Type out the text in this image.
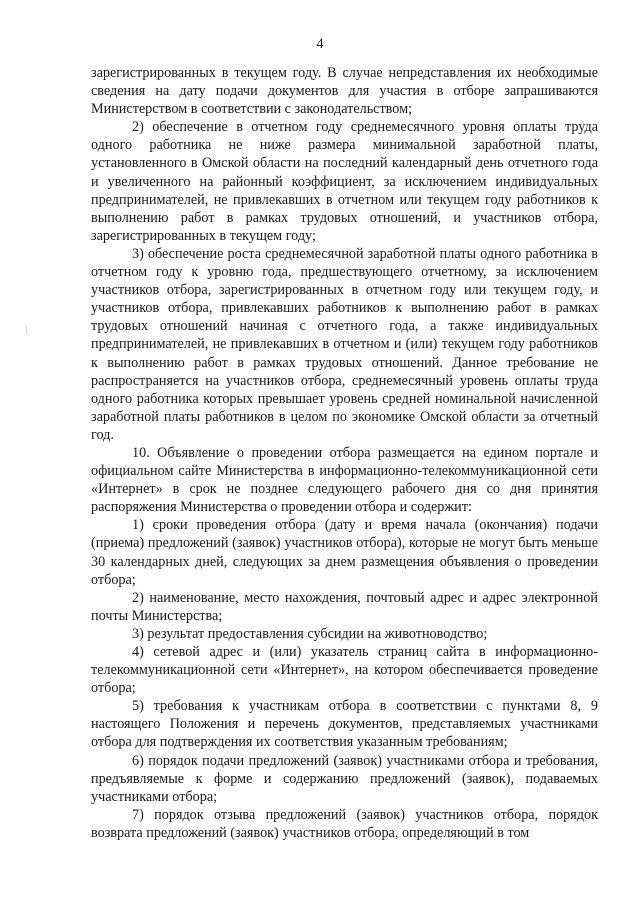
4

зарегистрированных в текущем году. В случае непредставления их необходимые сведения на дату подачи документов для участия в отборе запрашиваются Министерством в соответствии с законодательством;

2) обеспечение в отчетном году среднемесячного уровня оплаты труда одного работника не ниже размера минимальной заработной платы, установленного в Омской области на последний календарный день отчетного года и увеличенного на районный коэффициент, за исключением индивидуальных предпринимателей, не привлекавших в отчетном или текущем году работников к выполнению работ в рамках трудовых отношений, и участников отбора, зарегистрированных в текущем году;

3) обеспечение роста среднемесячной заработной платы одного работника в отчетном году к уровню года, предшествующего отчетному, за исключением участников отбора, зарегистрированных в отчетном году или текущем году, и участников отбора, привлекавших работников к выполнению работ в рамках трудовых отношений начиная с отчетного года, а также индивидуальных предпринимателей, не привлекавших в отчетном и (или) текущем году работников к выполнению работ в рамках трудовых отношений. Данное требование не распространяется на участников отбора, среднемесячный уровень оплаты труда одного работника которых превышает уровень средней номинальной начисленной заработной платы работников в целом по экономике Омской области за отчетный год.

10. Объявление о проведении отбора размещается на едином портале и официальном сайте Министерства в информационно-телекоммуникационной сети «Интернет» в срок не позднее следующего рабочего дня со дня принятия распоряжения Министерства о проведении отбора и содержит:

1) сроки проведения отбора (дату и время начала (окончания) подачи (приема) предложений (заявок) участников отбора), которые не могут быть меньше 30 календарных дней, следующих за днем размещения объявления о проведении отбора;

2) наименование, место нахождения, почтовый адрес и адрес электронной почты Министерства;

3) результат предоставления субсидии на животноводство;

4) сетевой адрес и (или) указатель страниц сайта в информационно-телекоммуникационной сети «Интернет», на котором обеспечивается проведение отбора;

5) требования к участникам отбора в соответствии с пунктами 8, 9 настоящего Положения и перечень документов, представляемых участниками отбора для подтверждения их соответствия указанным требованиям;

6) порядок подачи предложений (заявок) участниками отбора и требования, предъявляемые к форме и содержанию предложений (заявок), подаваемых участниками отбора;

7) порядок отзыва предложений (заявок) участников отбора, порядок возврата предложений (заявок) участников отбора, определяющий в том
